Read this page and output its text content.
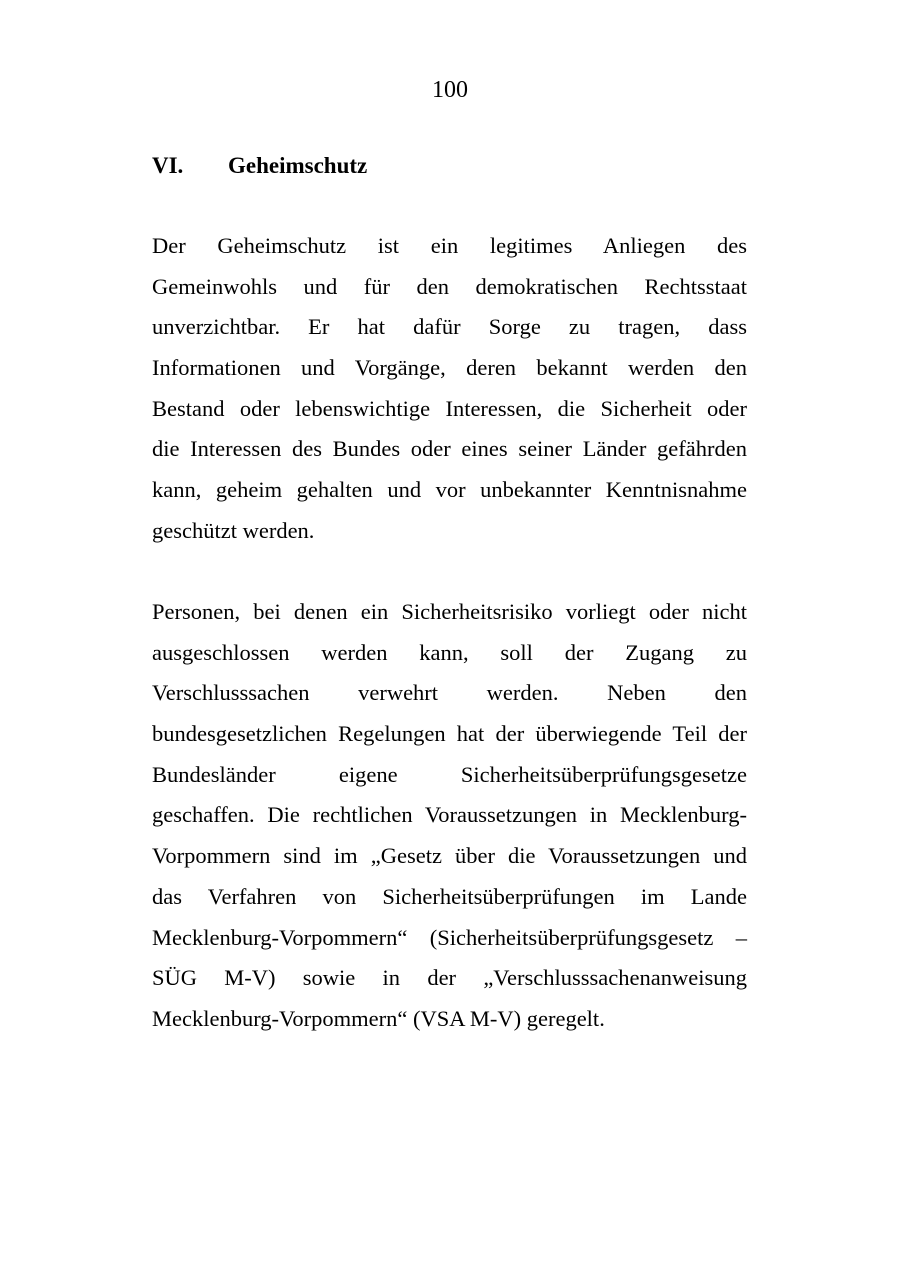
100
VI. Geheimschutz
Der Geheimschutz ist ein legitimes Anliegen des
Gemeinwohls und für den demokratischen Rechtsstaat
unverzichtbar. Er hat dafür Sorge zu tragen, dass
Informationen und Vorgänge, deren bekannt werden den
Bestand oder lebenswichtige Interessen, die Sicherheit oder
die Interessen des Bundes oder eines seiner Länder gefährden
kann, geheim gehalten und vor unbekannter Kenntnisnahme
geschützt werden.
Personen, bei denen ein Sicherheitsrisiko vorliegt oder nicht
ausgeschlossen werden kann, soll der Zugang zu
Verschlusssachen verwehrt werden. Neben den
bundesgesetzlichen Regelungen hat der überwiegende Teil der
Bundesländer eigene Sicherheitsüberprüfungsgesetze
geschaffen. Die rechtlichen Voraussetzungen in Mecklenburg-
Vorpommern sind im „Gesetz über die Voraussetzungen und
das Verfahren von Sicherheitsüberprüfungen im Lande
Mecklenburg-Vorpommern“ (Sicherheitsüberprüfungsgesetz –
SÜG M-V) sowie in der „Verschlusssachenanweisung
Mecklenburg-Vorpommern“ (VSA M-V) geregelt.
